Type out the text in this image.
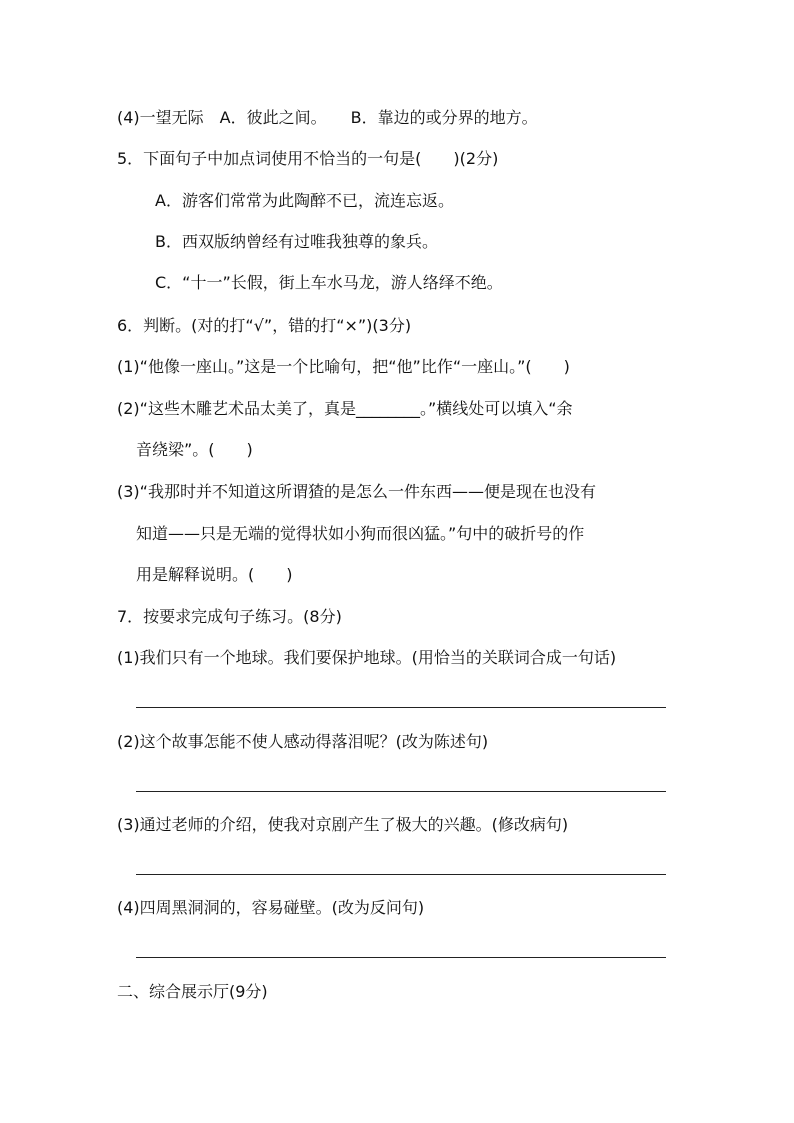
(4)一望无际　A．彼此之间。　　B．靠边的或分界的地方。
5．下面句子中加点词使用不恰当的一句是(　　)(2分)
A．游客们常常为此陶醉不已，流连忘返。
B．西双版纳曾经有过唯我独尊的象兵。
C．“十一”长假，街上车水马龙，游人络绎不绝。
6．判断。(对的打“√”，错的打“×”)(3分)
(1)“他像一座山。”这是一个比喻句，把“他”比作“一座山。”(　　)
(2)“这些木雕艺术品太美了，真是________。”横线处可以填入“余
音绕梁”。(　　)
(3)“我那时并不知道这所谓猹的是怎么一件东西——便是现在也没有
知道——只是无端的觉得状如小狗而很凶猛。”句中的破折号的作
用是解释说明。(　　)
7．按要求完成句子练习。(8分)
(1)我们只有一个地球。我们要保护地球。(用恰当的关联词合成一句话)
(2)这个故事怎能不使人感动得落泪呢？(改为陈述句)
(3)通过老师的介绍，使我对京剧产生了极大的兴趣。(修改病句)
(4)四周黑洞洞的，容易碰壁。(改为反问句)
二、综合展示厅(9分)
